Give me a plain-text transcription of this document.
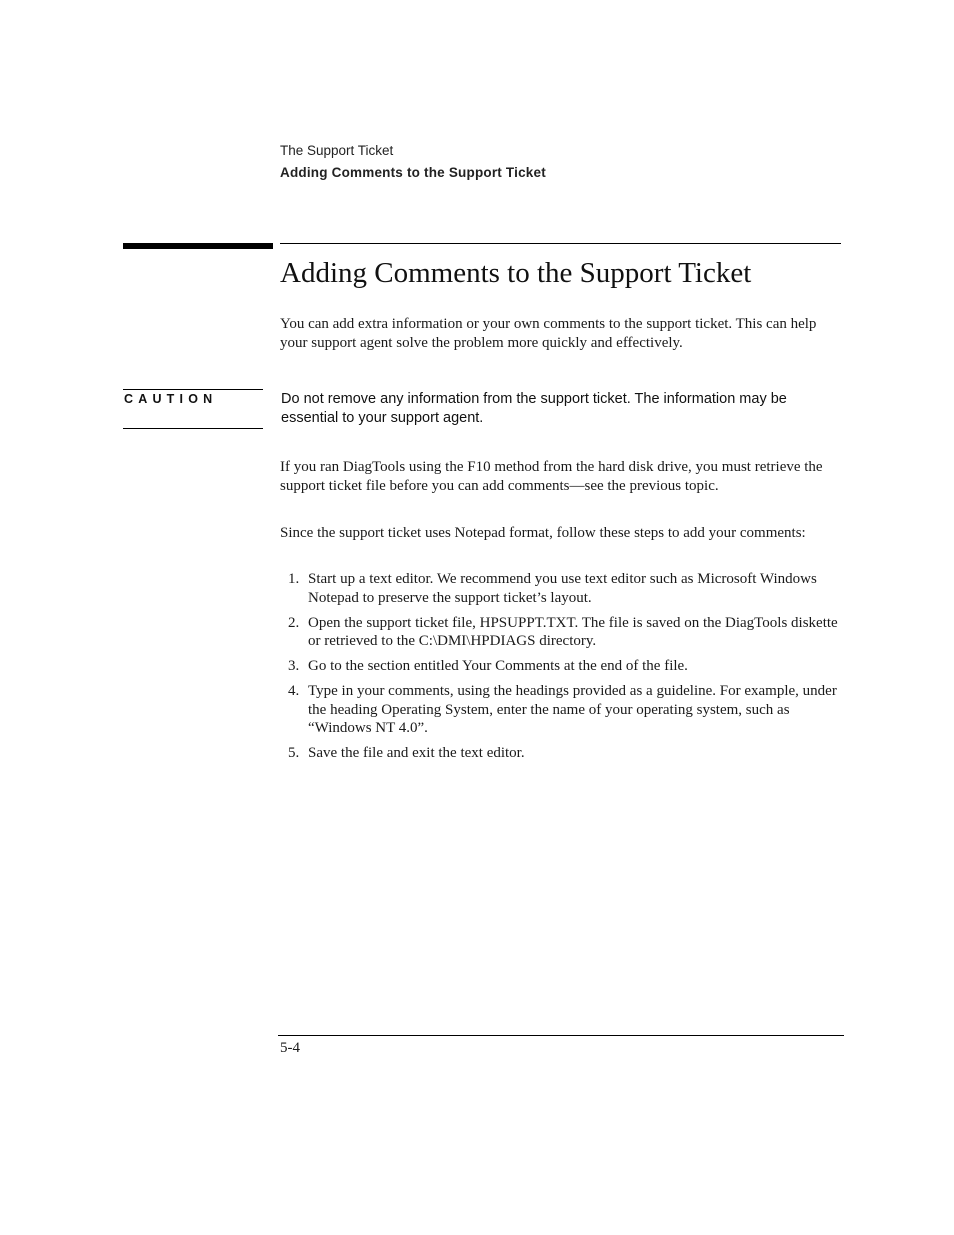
The Support Ticket
Adding Comments to the Support Ticket
Adding Comments to the Support Ticket

You can add extra information or your own comments to the support ticket. This can help your support agent solve the problem more quickly and effectively.

CAUTION	Do not remove any information from the support ticket. The information may be essential to your support agent.

If you ran DiagTools using the F10 method from the hard disk drive, you must retrieve the support ticket file before you can add comments—see the previous topic.

Since the support ticket uses Notepad format, follow these steps to add your comments:

1. Start up a text editor. We recommend you use text editor such as Microsoft Windows Notepad to preserve the support ticket’s layout.
2. Open the support ticket file, HPSUPPT.TXT. The file is saved on the DiagTools diskette or retrieved to the C:\DMI\HPDIAGS directory.
3. Go to the section entitled Your Comments at the end of the file.
4. Type in your comments, using the headings provided as a guideline. For example, under the heading Operating System, enter the name of your operating system, such as “Windows NT 4.0”.
5. Save the file and exit the text editor.
5-4
